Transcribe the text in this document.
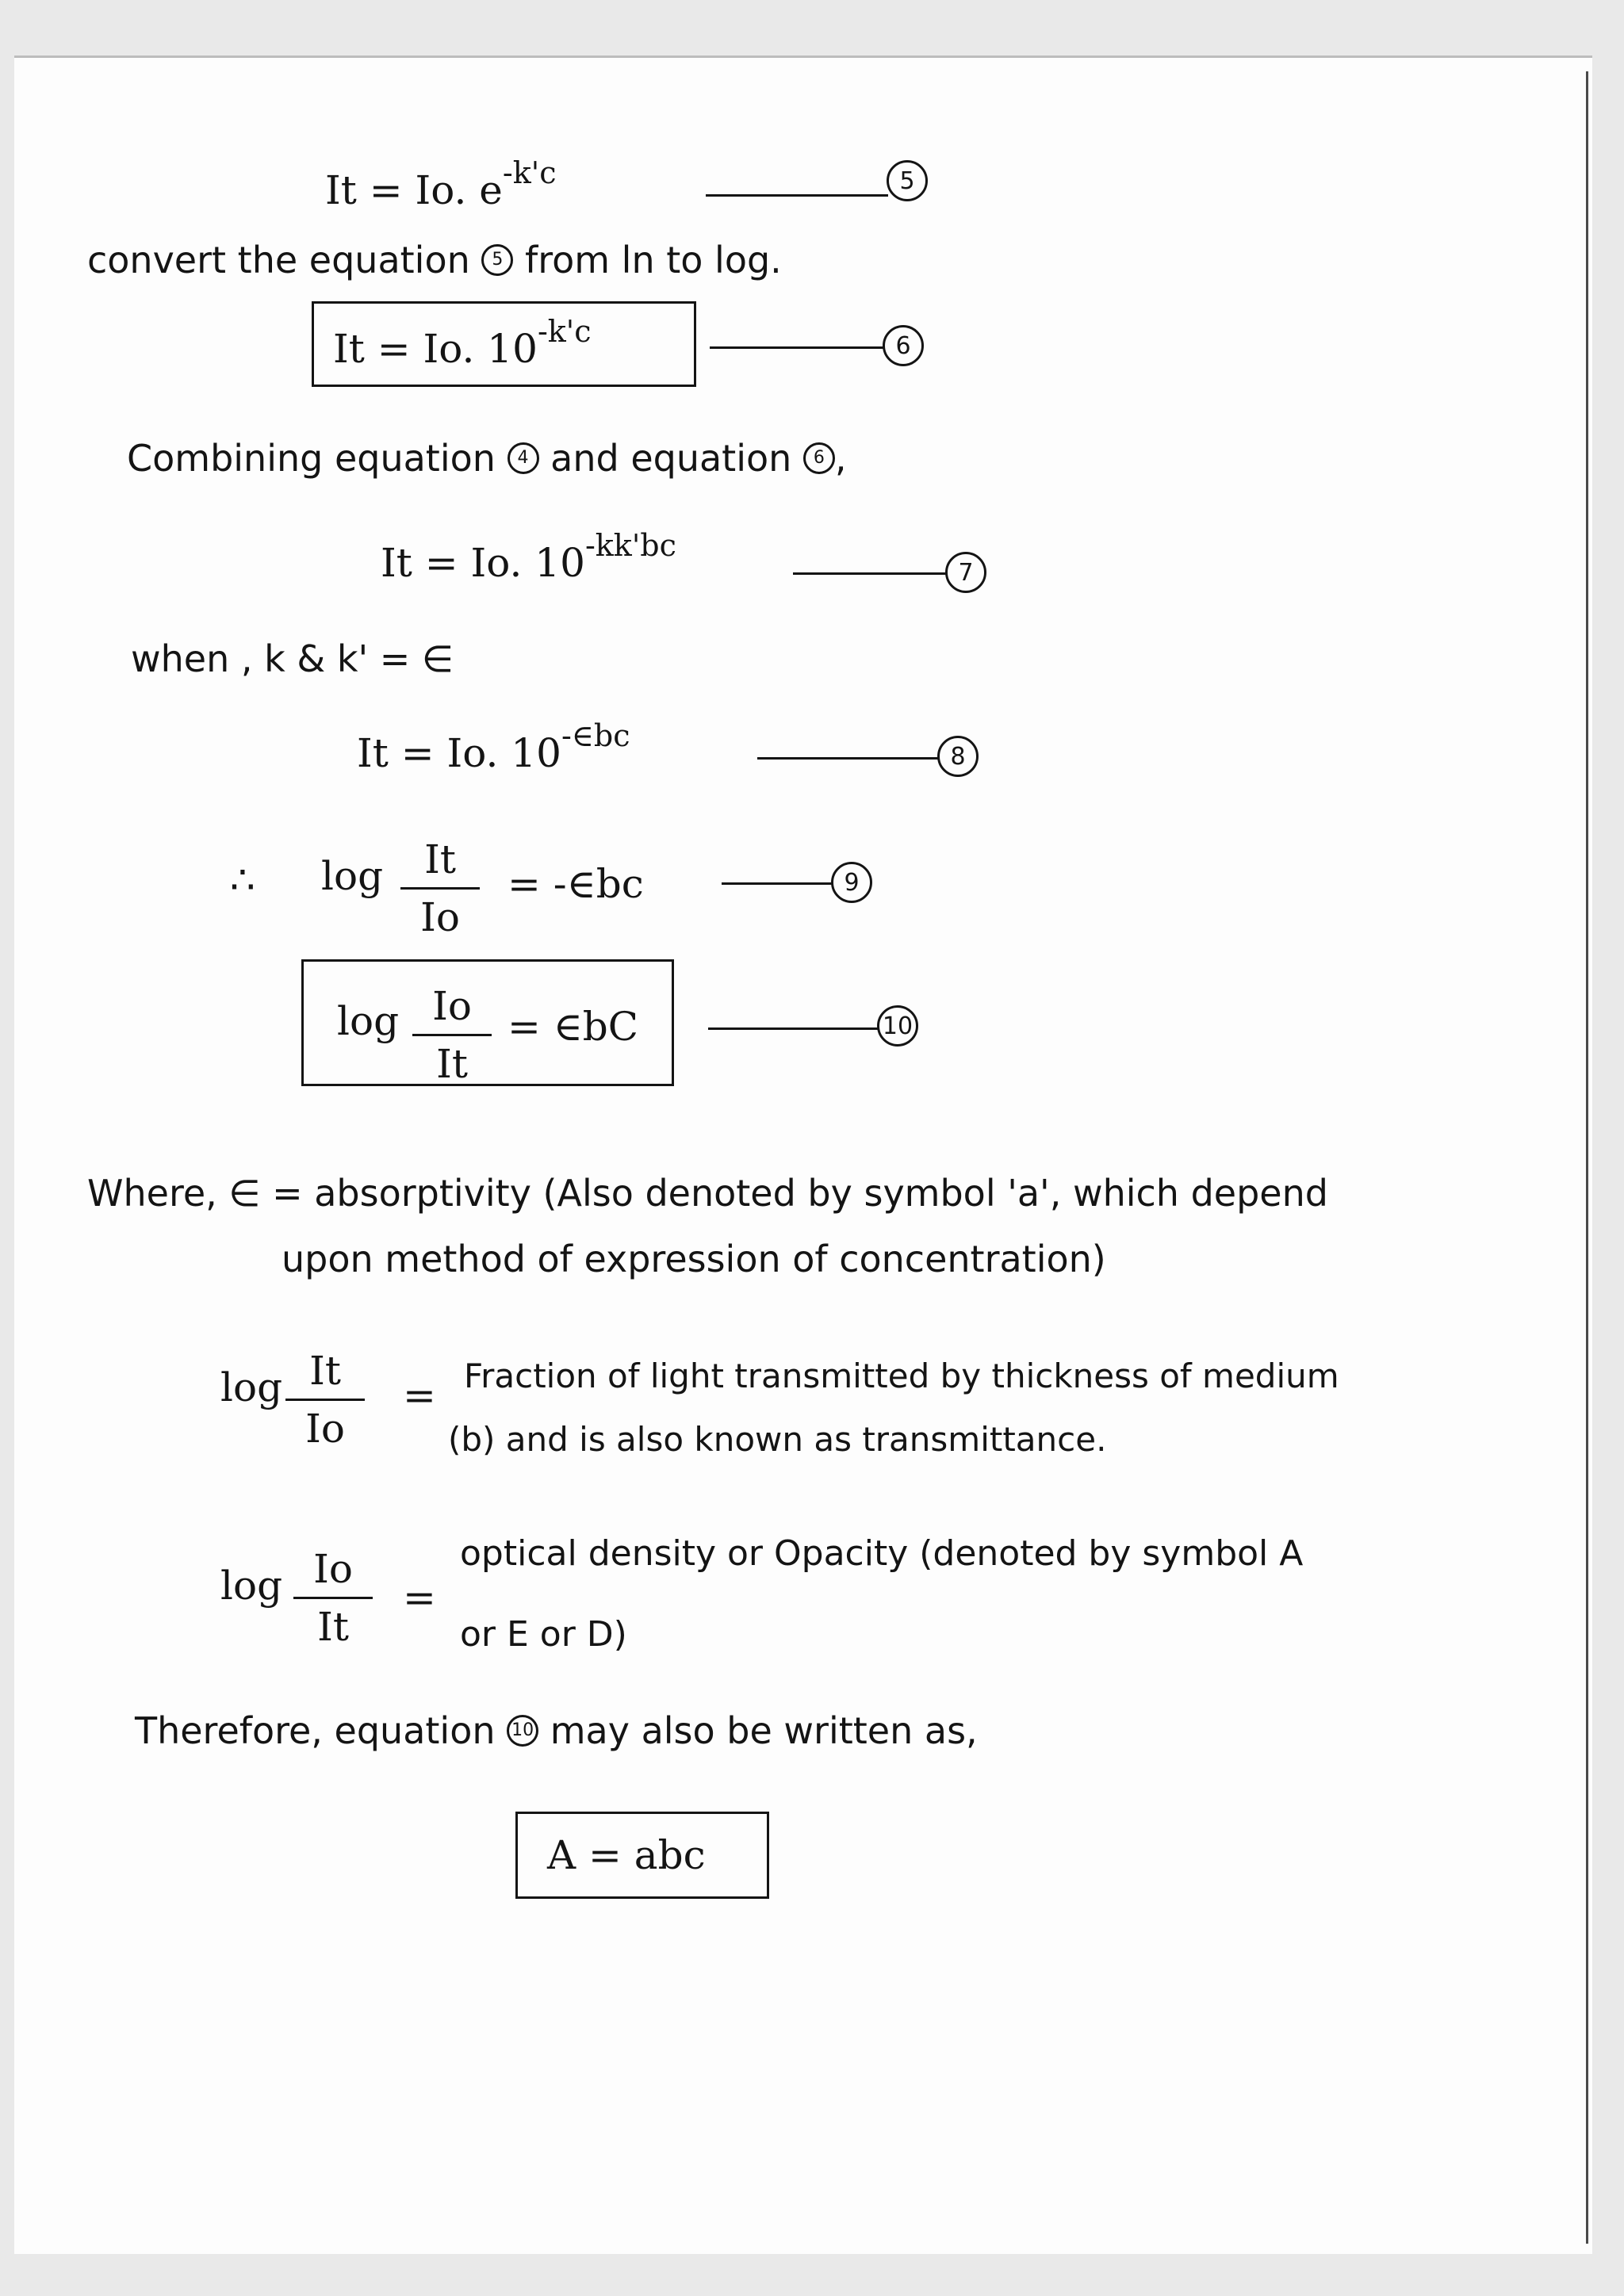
It = Io. $e^{-k'c}$	5
convert the equation 5 from ln to log.
It = Io. $10^{-k'c}$	6
Combining equation 4 and equation 6 ,
It = Io. $10^{-kk'bc}$
7
when , k & k' = ∈
It = Io. $10^{-\in bc}$
8
∴ $\log \frac{It}{Io}$ = -∈bc	9
$\log \frac{Io}{It}$ = ∈bC	10
Where, ∈ = absorptivity (Also denoted by symbol 'a', which depend
upon method of expression of concentration)
$\log \frac{It}{Io}$ = Fraction of light transmitted by thickness of medium
(b) and is also known as transmittance.
$\log \frac{Io}{It}$ =
optical density or Opacity (denoted by symbol A
or E or D)
Therefore, equation 10 may also be written as,
A = abc
